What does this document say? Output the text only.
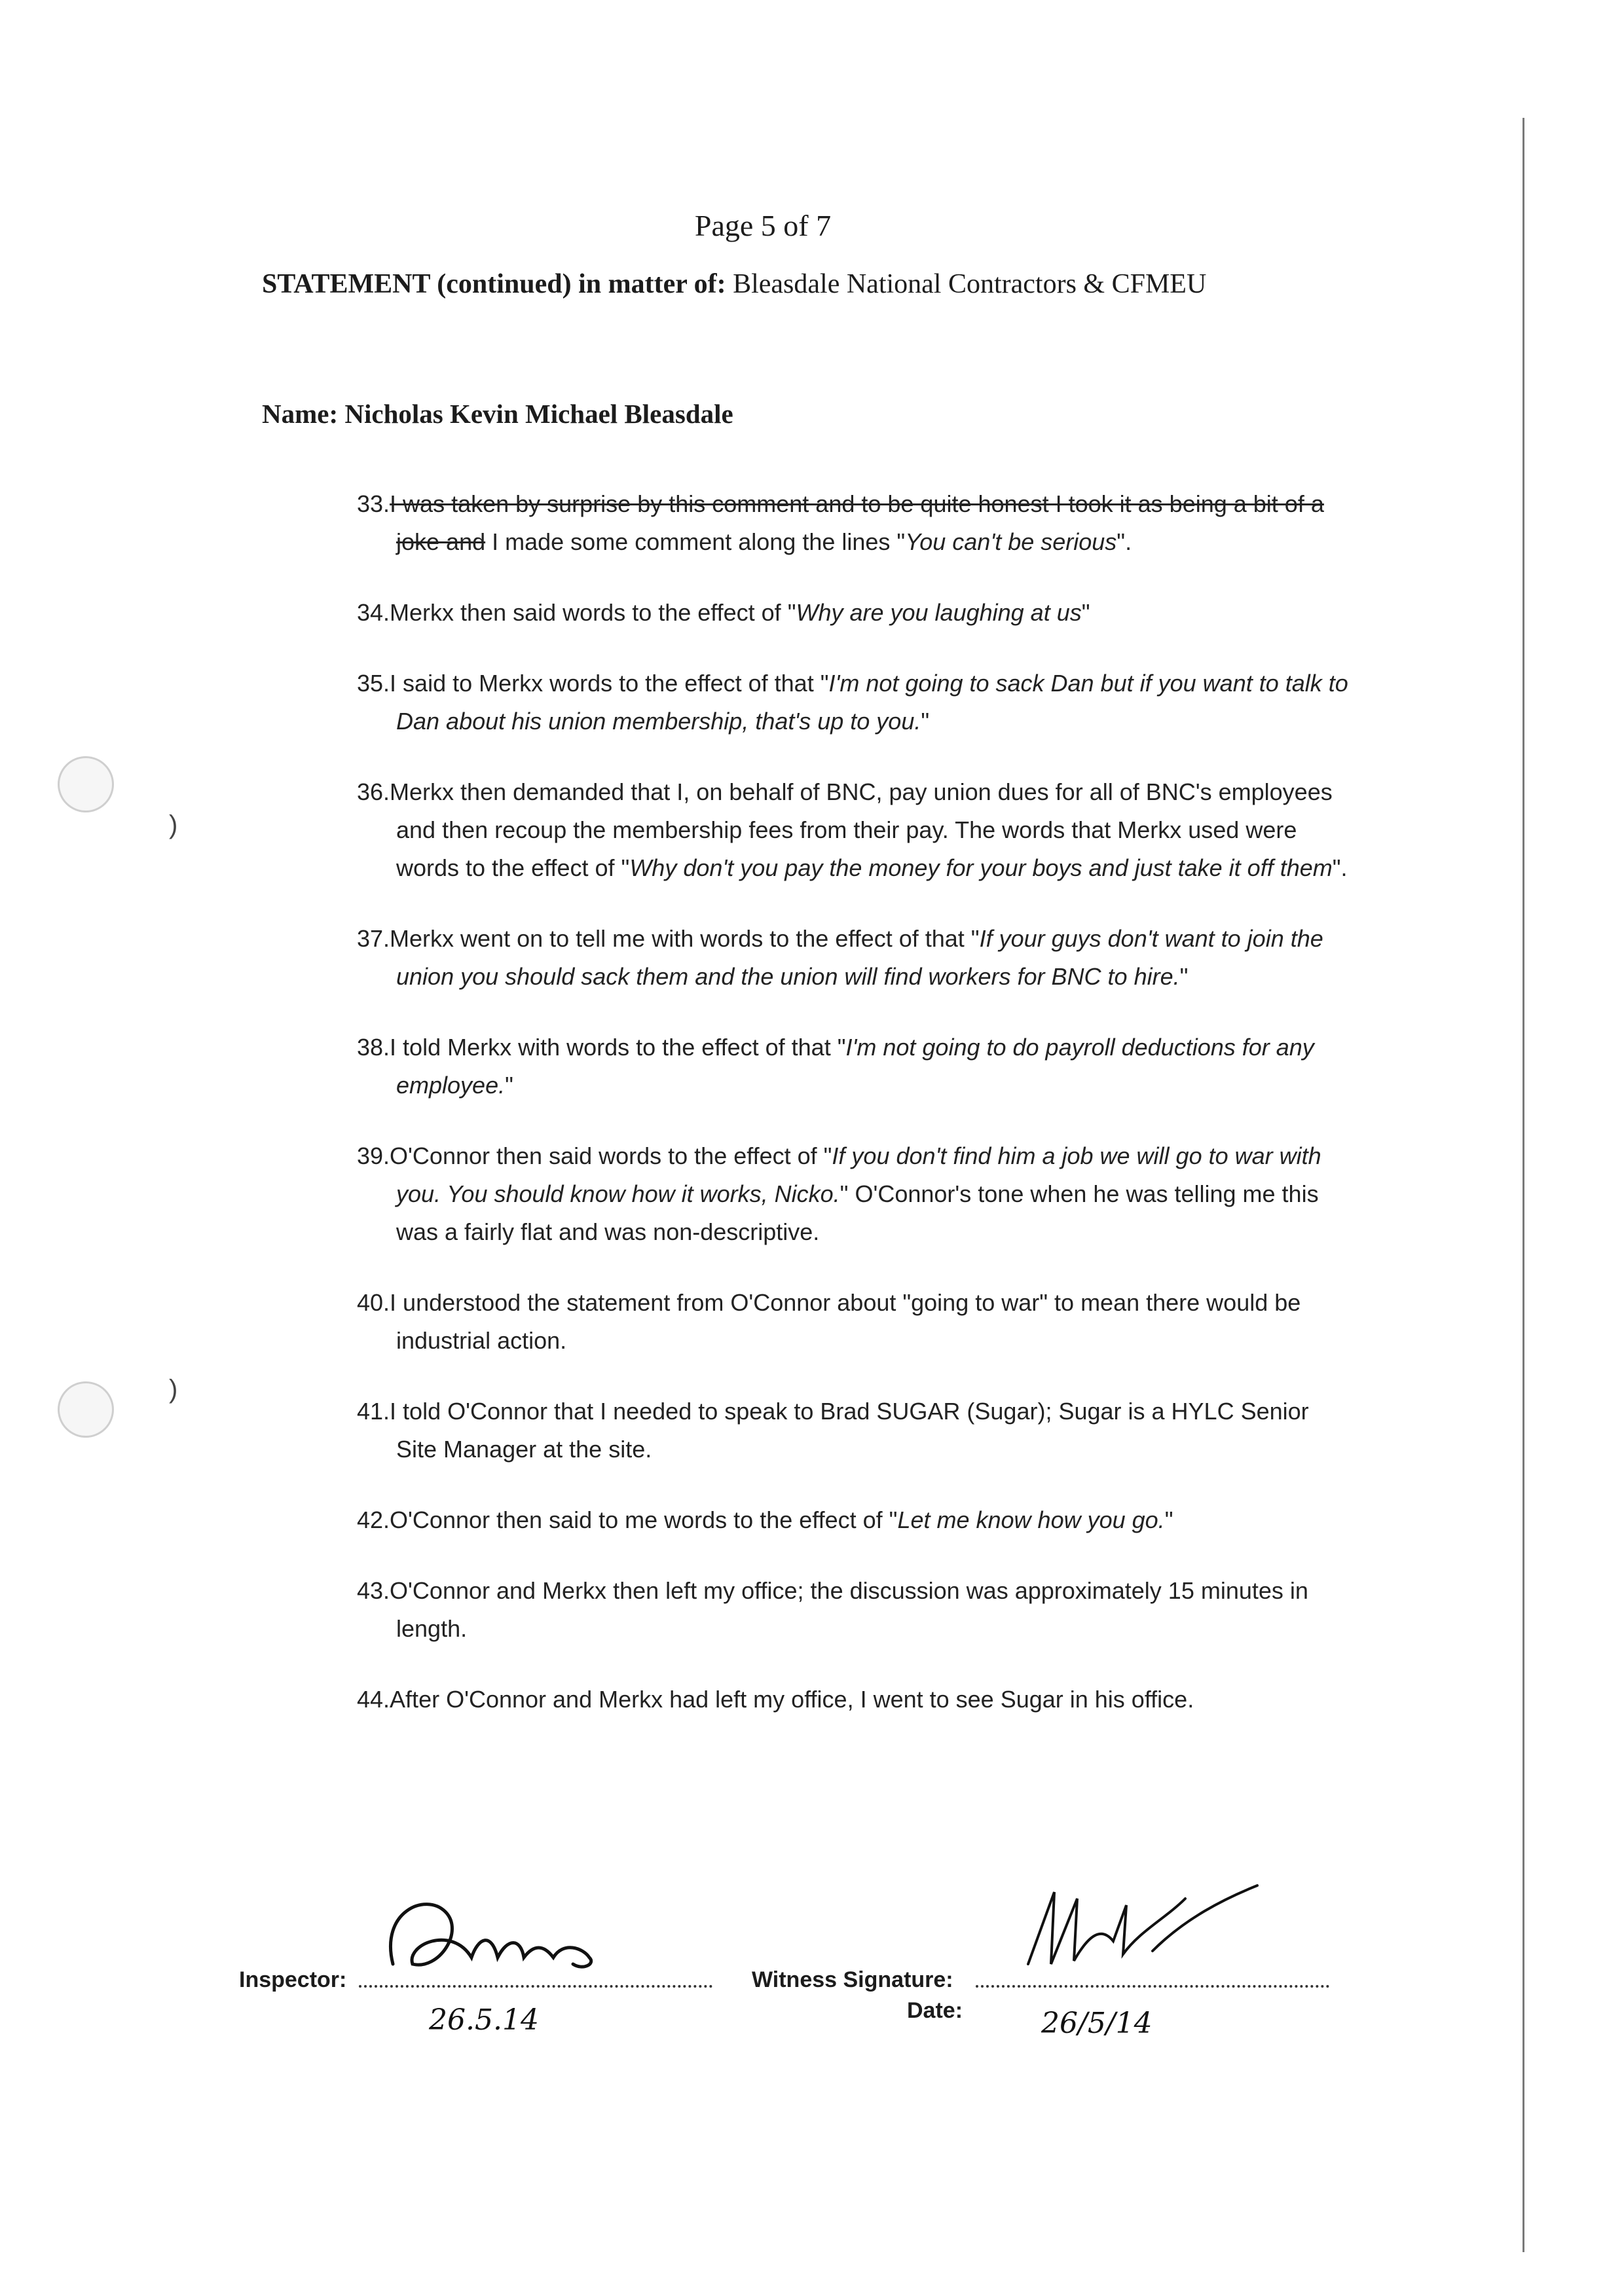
)
)
Page 5 of 7
STATEMENT (continued) in matter of: Bleasdale National Contractors & CFMEU
Name: Nicholas Kevin Michael Bleasdale

33.I was taken by surprise by this comment and to be quite honest I took it as being a bit of a joke and I made some comment along the lines "You can't be serious".

34.Merkx then said words to the effect of "Why are you laughing at us"

35.I said to Merkx words to the effect of that "I'm not going to sack Dan but if you want to talk to Dan about his union membership, that's up to you."

36.Merkx then demanded that I, on behalf of BNC, pay union dues for all of BNC's employees and then recoup the membership fees from their pay. The words that Merkx used were words to the effect of "Why don't you pay the money for your boys and just take it off them".

37.Merkx went on to tell me with words to the effect of that "If your guys don't want to join the union you should sack them and the union will find workers for BNC to hire."

38.I told Merkx with words to the effect of that "I'm not going to do payroll deductions for any employee."

39.O'Connor then said words to the effect of "If you don't find him a job we will go to war with you. You should know how it works, Nicko." O'Connor's tone when he was telling me this was a fairly flat and was non-descriptive.

40.I understood the statement from O'Connor about "going to war" to mean there would be industrial action.

41.I told O'Connor that I needed to speak to Brad SUGAR (Sugar); Sugar is a HYLC Senior Site Manager at the site.

42.O'Connor then said to me words to the effect of "Let me know how you go."

43.O'Connor and Merkx then left my office; the discussion was approximately 15 minutes in length.

44.After O'Connor and Merkx had left my office, I went to see Sugar in his office.

Inspector:
26.5.14
Witness Signature:
Date:	26/5/14
